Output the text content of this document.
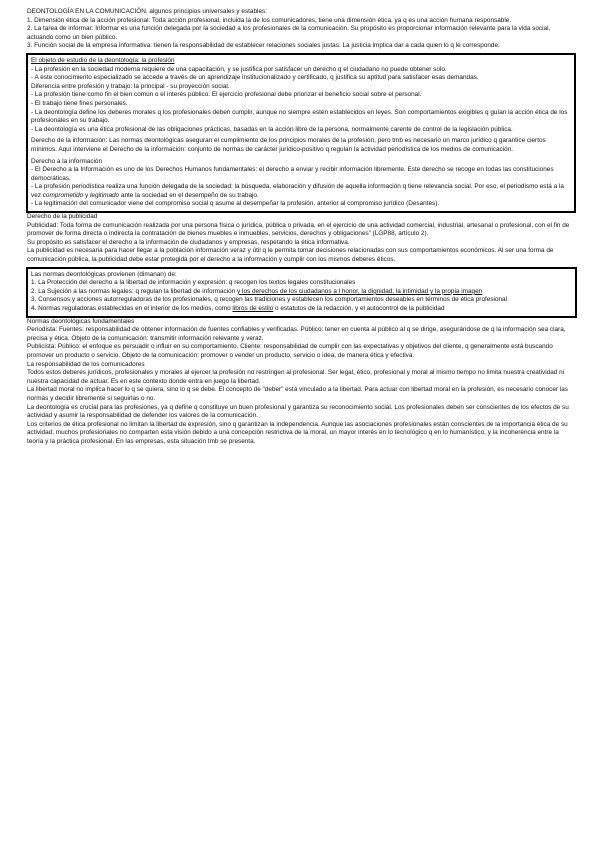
DEONTOLOGÍA EN LA COMUNICACIÓN. algunos principios universales y estables:

1. Dimensión ética de la acción profesional: Toda acción profesional, incluida la de los comunicadores, tiene una dimensión ética, ya q es una acción humana responsable.

2. La tarea de informar: Informar es una función delegada por la sociedad a los profesionales de la comunicación. Su propósito es proporcionar información relevante para la vida social, actuando como un bien público.

3. Función social de la empresa informativa: tienen la responsabilidad de establecer relaciones sociales justas. La justicia implica dar a cada quien lo q le corresponde.

El objeto de estudio de la deontología: la profesión

- La profesión en la sociedad moderna requiere de una capacitación, y se justifica por satisfacer un derecho q el ciudadano no puede obtener solo.

- A este conocimiento especializado se accede a través de un aprendizaje institucionalizado y certificado, q justifica su aptitud para satisfacer esas demandas.

Diferencia entre profesión y trabajo: la principal - su proyección social.

- La profesión tiene como fin el bien común o el interés público. El ejercicio profesional debe priorizar el beneficio social sobre el personal.

- El trabajo tiene fines personales.

- La deontología define los deberes morales q los profesionales deben cumplir, aunque no siempre estén establecidos en leyes. Son comportamientos exigibles q guían la acción ética de los profesionales en su trabajo.

- La deontología es una ética profesional de las obligaciones prácticas, basadas en la acción libre de la persona, normalmente carente de control de la legislación pública.

Derecho de la información: Las normas deontológicas aseguran el cumplimiento de los principios morales de la profesión, pero tmb es necesario un marco jurídico q garantice ciertos mínimos. Aquí interviene el Derecho de la información: conjunto de normas de carácter jurídico-positivo q regulan la actividad periodística de los medios de comunicación.

Derecho a la información

- El Derecho a la Información es uno de los Derechos Humanos fundamentales: el derecho a enviar y recibir información libremente. Este derecho se recoge en todas las constituciones democráticas.

- La profesión periodística realiza una función delegada de la sociedad: la búsqueda, elaboración y difusión de aquella información q tiene relevancia social. Por eso, el periodismo está a la vez comprometido y legitimado ante la sociedad en el desempeño de su trabajo.

- La legitimación del comunicador viene del compromiso social q asume al desempeñar la profesión, anterior al compromiso jurídico (Desantes).

Derecho de la publicidad

Publicidad: Toda forma de comunicación realizada por una persona física o jurídica, pública o privada, en el ejercicio de una actividad comercial, industrial, artesanal o profesional, con el fin de promover de forma directa o indirecta la contratación de bienes muebles e inmuebles, servicios, derechos y obligaciones” (LGP88, artículo 2).

Su propósito es satisfacer el derecho a la información de ciudadanos y empresas, respetando la ética informativa.

La publicidad es necesaria para hacer llegar a la población información veraz y útil q le permita tomar decisiones relacionadas con sus comportamientos económicos. Al ser una forma de comunicación pública, la publicidad debe estar protegida por el derecho a la información y cumplir con los mismos deberes éticos.

Las normas deontológicas provienen (dimanan) de:

1. La Protección del derecho a la libertad de información y expresión: q recogen los textos legales constitucionales

2. La Sujeción a las normas legales: q regulan la libertad de información y los derechos de los ciudadanos a l honor, la dignidad, la intimidad y la propia imagen

3. Consensos y acciones autorreguladoras de los profesionales, q recogen las tradiciones y establecen los comportamientos deseables en términos de ética profesional

4. Normas reguladoras establecidas en el interior de los medios, como libros de estilo o estatutos de la redacción, y el autocontrol de la publicidad

Normas deontológicas fundamentales

Periodista: Fuentes: responsabilidad de obtener información de fuentes confiables y verificadas. Público: tener en cuenta al público al q se dirige, asegurándose de q la información sea clara, precisa y ética. Objeto de la comunicación: transmitir información relevante y veraz.

Publicista: Público: el enfoque es persuadir o influir en su comportamiento. Cliente: responsabilidad de cumplir con las expectativas y objetivos del cliente, q generalmente está buscando promover un producto o servicio. Objeto de la comunicación: promover o vender un producto, servicio o idea, de manera ética y efectiva.

La responsabilidad de los comunicadores

Todos estos deberes jurídicos, profesionales y morales al ejercer la profesión no restringen al profesional. Ser legal, ético, profesional y moral al mismo tiempo no limita nuestra creatividad ni nuestra capacidad de actuar. Es en este contexto donde entra en juego la libertad.

La libertad moral no implica hacer lo q se quiera, sino lo q se debe. El concepto de "deber" está vinculado a la libertad. Para actuar con libertad moral en la profesión, es necesario conocer las normas y decidir libremente si seguirlas o no.

La deontología es crucial para las profesiones, ya q define q constituye un buen profesional y garantiza su reconocimiento social. Los profesionales deben ser conscientes de los efectos de su actividad y asumir la responsabilidad de defender los valores de la comunicación.

Los criterios de ética profesional no limitan la libertad de expresión, sino q garantizan la independencia. Aunque las asociaciones profesionales están conscientes de la importancia ética de su actividad, muchos profesionales no comparten esta visión debido a una concepción restrictiva de la moral, un mayor interés en lo tecnológico q en lo humanístico, y la incoherencia entre la teoría y la práctica profesional. En las empresas, esta situación tmb se presenta.
